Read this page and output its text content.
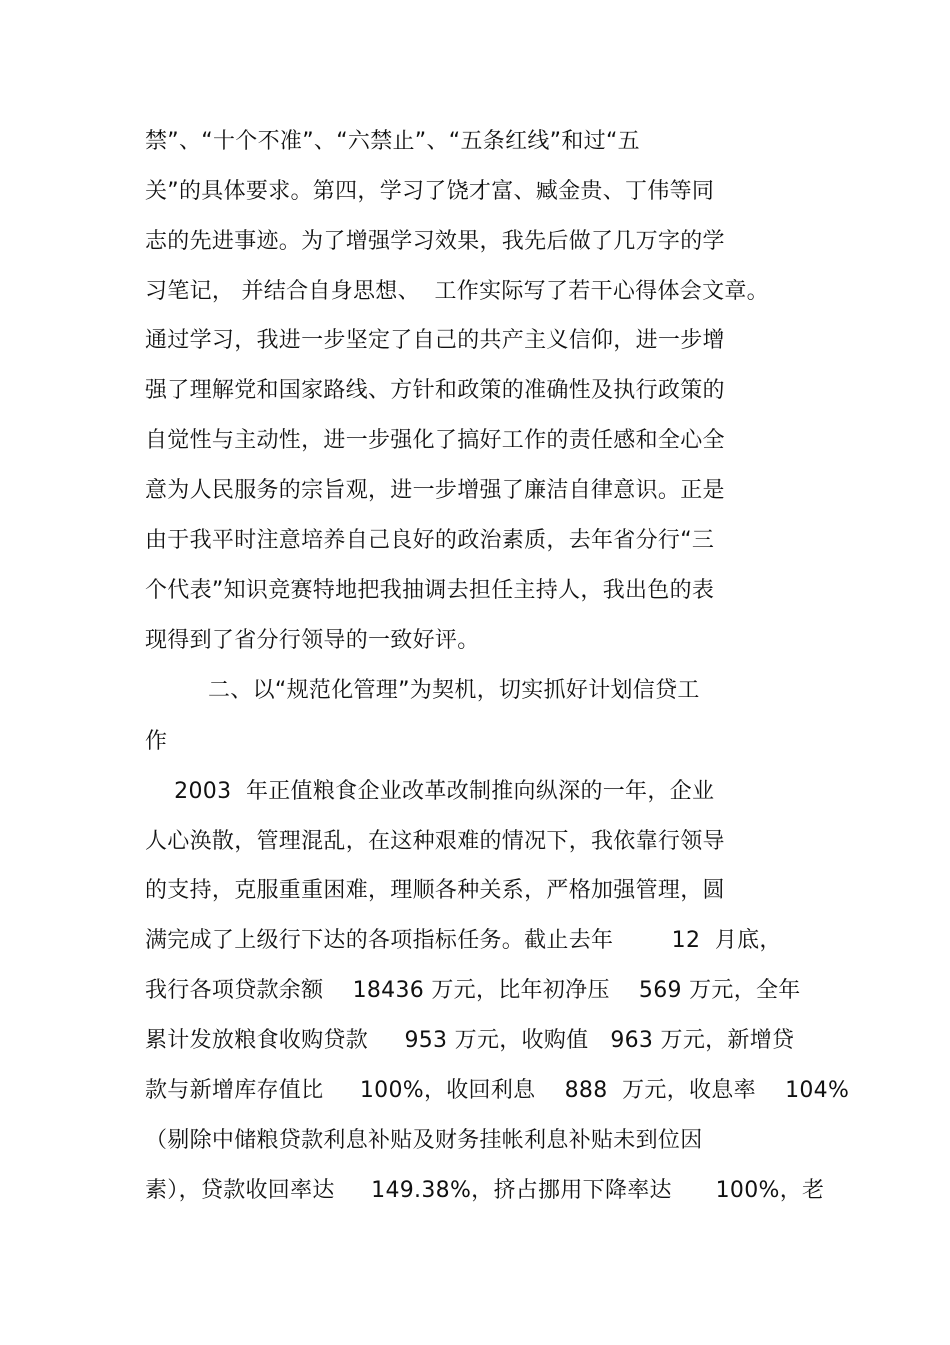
禁”、“十个不准”、“六禁止”、“五条红线”和过“五
关”的具体要求。第四，学习了饶才富、臧金贵、丁伟等同
志的先进事迹。为了增强学习效果，我先后做了几万字的学
习笔记， 并结合自身思想、  工作实际写了若干心得体会文章。
通过学习，我进一步坚定了自己的共产主义信仰，进一步增
强了理解党和国家路线、方针和政策的准确性及执行政策的
自觉性与主动性，进一步强化了搞好工作的责任感和全心全
意为人民服务的宗旨观，进一步增强了廉洁自律意识。正是
由于我平时注意培养自己良好的政治素质，去年省分行“三
个代表”知识竞赛特地把我抽调去担任主持人，我出色的表
现得到了省分行领导的一致好评。
二、以“规范化管理”为契机，切实抓好计划信贷工
作
2003  年正值粮食企业改革改制推向纵深的一年，企业
人心涣散，管理混乱，在这种艰难的情况下，我依靠行领导
的支持，克服重重困难，理顺各种关系，严格加强管理，圆
满完成了上级行下达的各项指标任务。截止去年        12  月底，
我行各项贷款余额    18436 万元，比年初净压    569 万元，全年
累计发放粮食收购贷款     953 万元，收购值   963 万元，新增贷
款与新增库存值比     100%，收回利息    888  万元，收息率    104%
（剔除中储粮贷款利息补贴及财务挂帐利息补贴未到位因
素），贷款收回率达     149.38%，挤占挪用下降率达      100%，老
